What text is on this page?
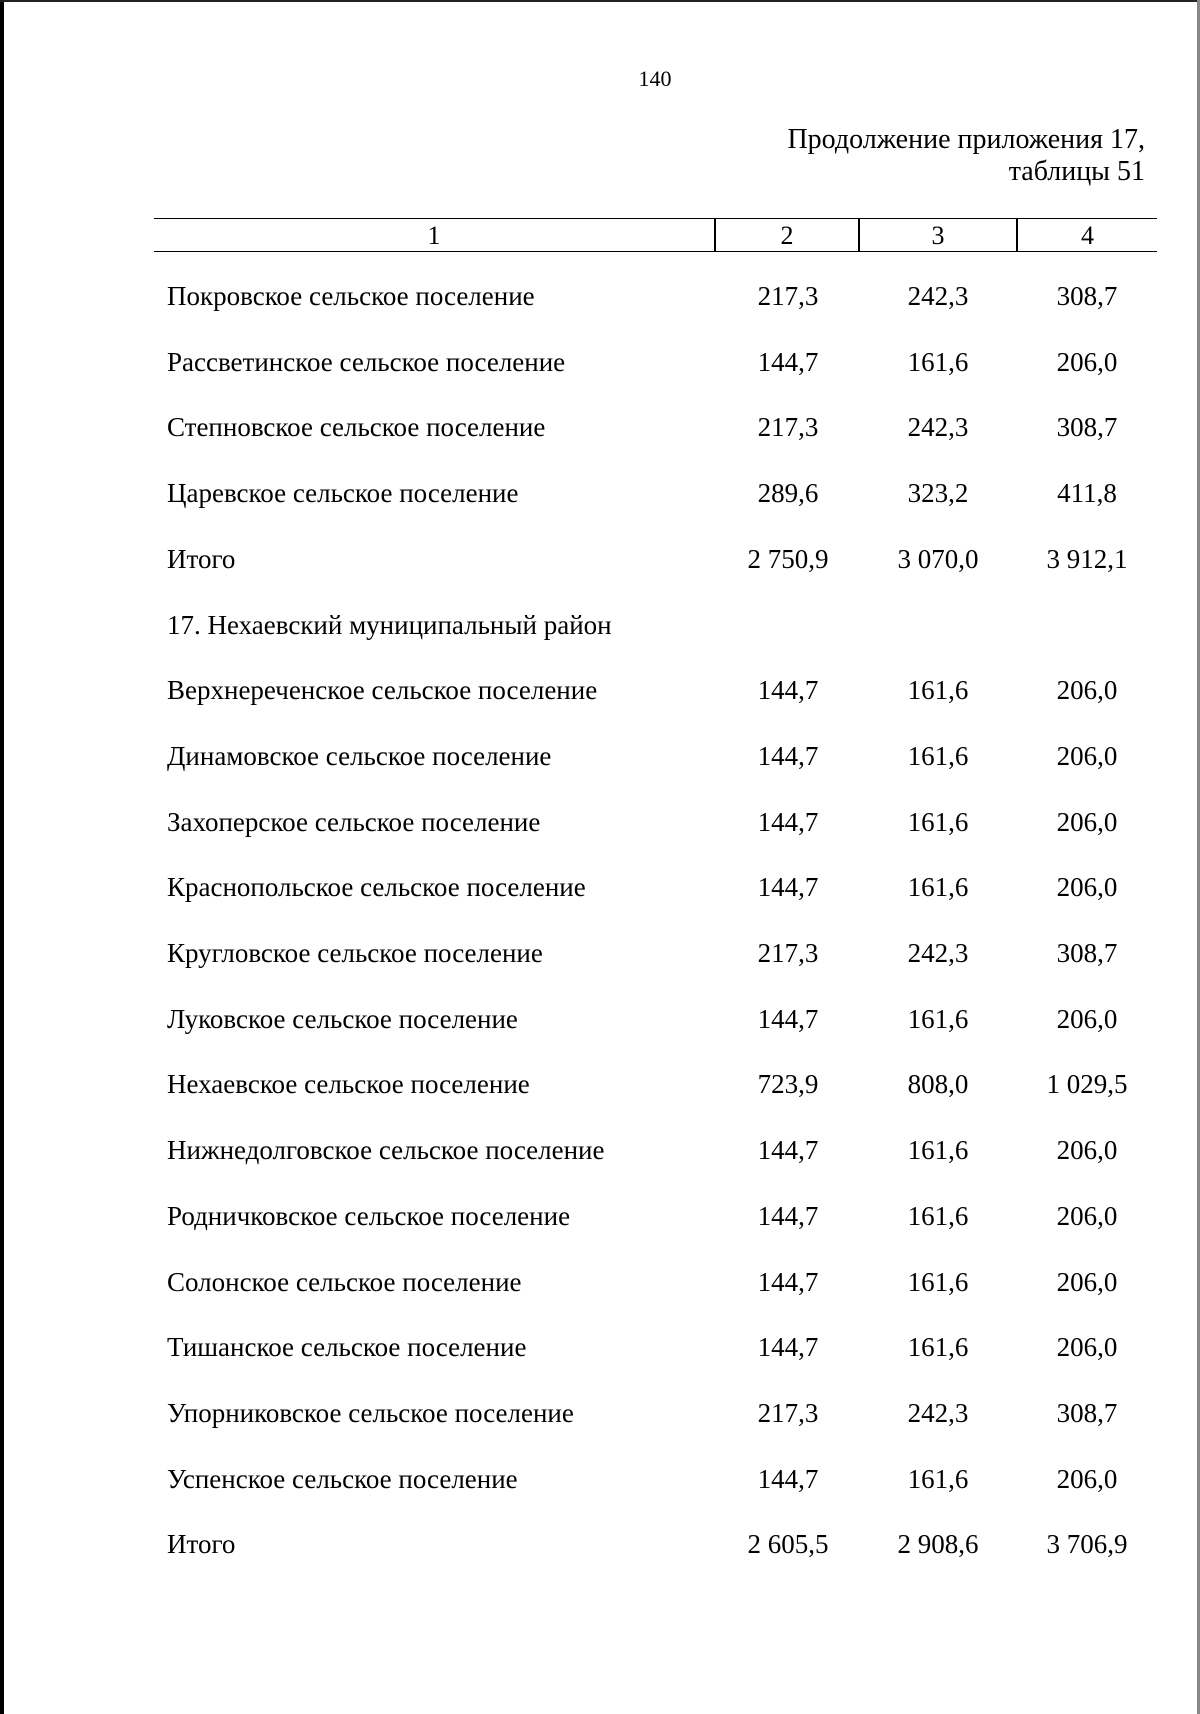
140
Продолжение приложения 17,
таблицы 51
1	2	3	4
Покровское сельское поселение	217,3	242,3	308,7
Рассветинское сельское поселение	144,7	161,6	206,0
Степновское сельское поселение	217,3	242,3	308,7
Царевское сельское поселение	289,6	323,2	411,8
Итого	2 750,9	3 070,0	3 912,1
17. Нехаевский муниципальный район
Верхнереченское сельское поселение	144,7	161,6	206,0
Динамовское сельское поселение	144,7	161,6	206,0
Захоперское сельское поселение	144,7	161,6	206,0
Краснопольское сельское поселение	144,7	161,6	206,0
Кругловское сельское поселение	217,3	242,3	308,7
Луковское сельское поселение	144,7	161,6	206,0
Нехаевское сельское поселение	723,9	808,0	1 029,5
Нижнедолговское сельское поселение	144,7	161,6	206,0
Родничковское сельское поселение	144,7	161,6	206,0
Солонское сельское поселение	144,7	161,6	206,0
Тишанское сельское поселение	144,7	161,6	206,0
Упорниковское сельское поселение	217,3	242,3	308,7
Успенское сельское поселение	144,7	161,6	206,0
Итого	2 605,5	2 908,6	3 706,9
